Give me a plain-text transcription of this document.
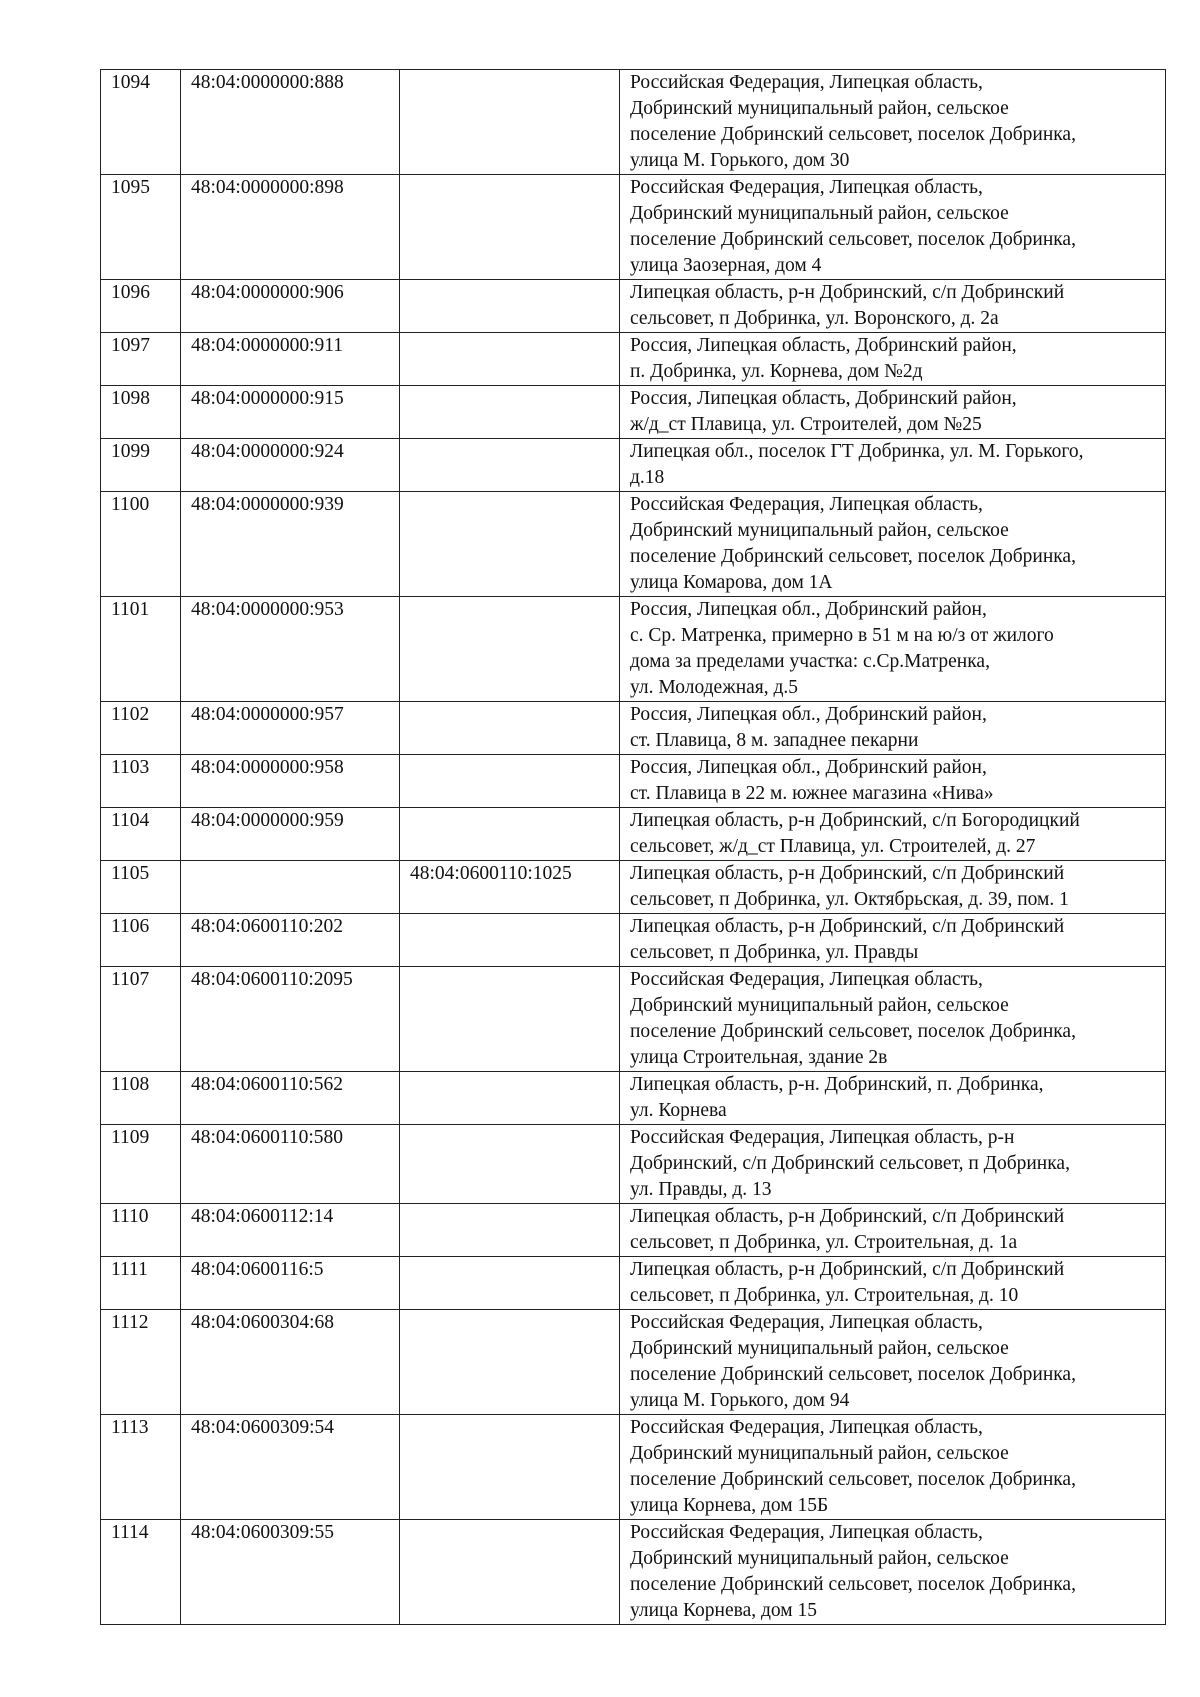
1094	48:04:0000000:888		Российская Федерация, Липецкая область,
Добринский муниципальный район, сельское
поселение Добринский сельсовет, поселок Добринка,
улица М. Горького, дом 30

1095	48:04:0000000:898		Российская Федерация, Липецкая область,
Добринский муниципальный район, сельское
поселение Добринский сельсовет, поселок Добринка,
улица Заозерная, дом 4

1096	48:04:0000000:906		Липецкая область, р-н Добринский, с/п Добринский
сельсовет, п Добринка, ул. Воронского, д. 2а

1097	48:04:0000000:911		Россия, Липецкая область, Добринский район,
п. Добринка, ул. Корнева, дом №2д

1098	48:04:0000000:915		Россия, Липецкая область, Добринский район,
ж/д_ст Плавица, ул. Строителей, дом №25

1099	48:04:0000000:924		Липецкая обл., поселок ГТ Добринка, ул. М. Горького,
д.18

1100	48:04:0000000:939		Российская Федерация, Липецкая область,
Добринский муниципальный район, сельское
поселение Добринский сельсовет, поселок Добринка,
улица Комарова, дом 1А

1101	48:04:0000000:953		Россия, Липецкая обл., Добринский район,
с. Ср. Матренка, примерно в 51 м на ю/з от жилого
дома за пределами участка: с.Ср.Матренка,
ул. Молодежная, д.5

1102	48:04:0000000:957		Россия, Липецкая обл., Добринский район,
ст. Плавица, 8 м. западнее пекарни

1103	48:04:0000000:958		Россия, Липецкая обл., Добринский район,
ст. Плавица в 22 м. южнее магазина «Нива»

1104	48:04:0000000:959		Липецкая область, р-н Добринский, с/п Богородицкий
сельсовет, ж/д_ст Плавица, ул. Строителей, д. 27

1105		48:04:0600110:1025	Липецкая область, р-н Добринский, с/п Добринский
сельсовет, п Добринка, ул. Октябрьская, д. 39, пом. 1

1106	48:04:0600110:202		Липецкая область, р-н Добринский, с/п Добринский
сельсовет, п Добринка, ул. Правды

1107	48:04:0600110:2095		Российская Федерация, Липецкая область,
Добринский муниципальный район, сельское
поселение Добринский сельсовет, поселок Добринка,
улица Строительная, здание 2в

1108	48:04:0600110:562		Липецкая область, р-н. Добринский, п. Добринка,
ул. Корнева

1109	48:04:0600110:580		Российская Федерация, Липецкая область, р-н
Добринский, с/п Добринский сельсовет, п Добринка,
ул. Правды, д. 13

1110	48:04:0600112:14		Липецкая область, р-н Добринский, с/п Добринский
сельсовет, п Добринка, ул. Строительная, д. 1а

1111	48:04:0600116:5		Липецкая область, р-н Добринский, с/п Добринский
сельсовет, п Добринка, ул. Строительная, д. 10

1112	48:04:0600304:68		Российская Федерация, Липецкая область,
Добринский муниципальный район, сельское
поселение Добринский сельсовет, поселок Добринка,
улица М. Горького, дом 94

1113	48:04:0600309:54		Российская Федерация, Липецкая область,
Добринский муниципальный район, сельское
поселение Добринский сельсовет, поселок Добринка,
улица Корнева, дом 15Б

1114	48:04:0600309:55		Российская Федерация, Липецкая область,
Добринский муниципальный район, сельское
поселение Добринский сельсовет, поселок Добринка,
улица Корнева, дом 15
